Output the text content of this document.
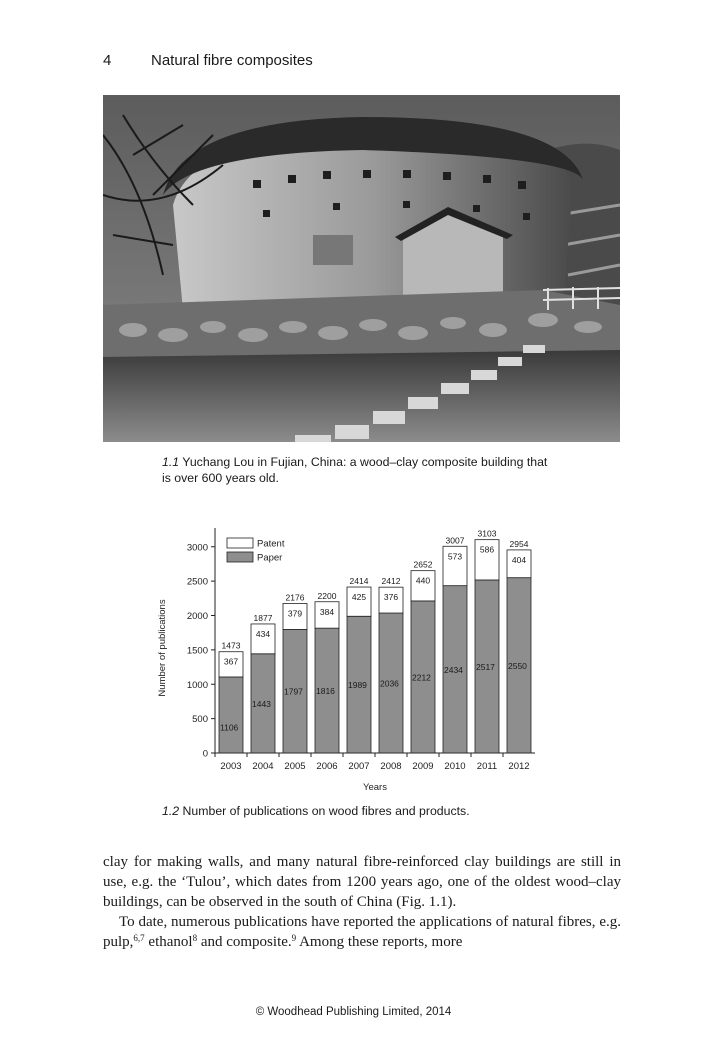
4	Natural fibre composites
1.1 Yuchang Lou in Fujian, China: a wood–clay composite building that
is over 600 years old.
0
500
1000
1500
2000
2500
3000
2003
1106
367
1473
2004
1443
434
1877
2005
1797
379
2176
2006
1816
384
2200
2007
1989
425
2414
2008
2036
376
2412
2009
2212
440
2652
2010
2434
573
3007
2011
2517
586
3103
2012
2550
404
2954
Patent
Paper
Number of publications
Years
1.2 Number of publications on wood fibres and products.

clay for making walls, and many natural fibre-reinforced clay buildings are still in use, e.g. the ‘Tulou’, which dates from 1200 years ago, one of the oldest wood–clay buildings, can be observed in the south of China (Fig. 1.1).

To date, numerous publications have reported the applications of natural fibres, e.g. pulp,$^{6,7}$ ethanol$^8$ and composite.$^9$ Among these reports, more

© Woodhead Publishing Limited, 2014
